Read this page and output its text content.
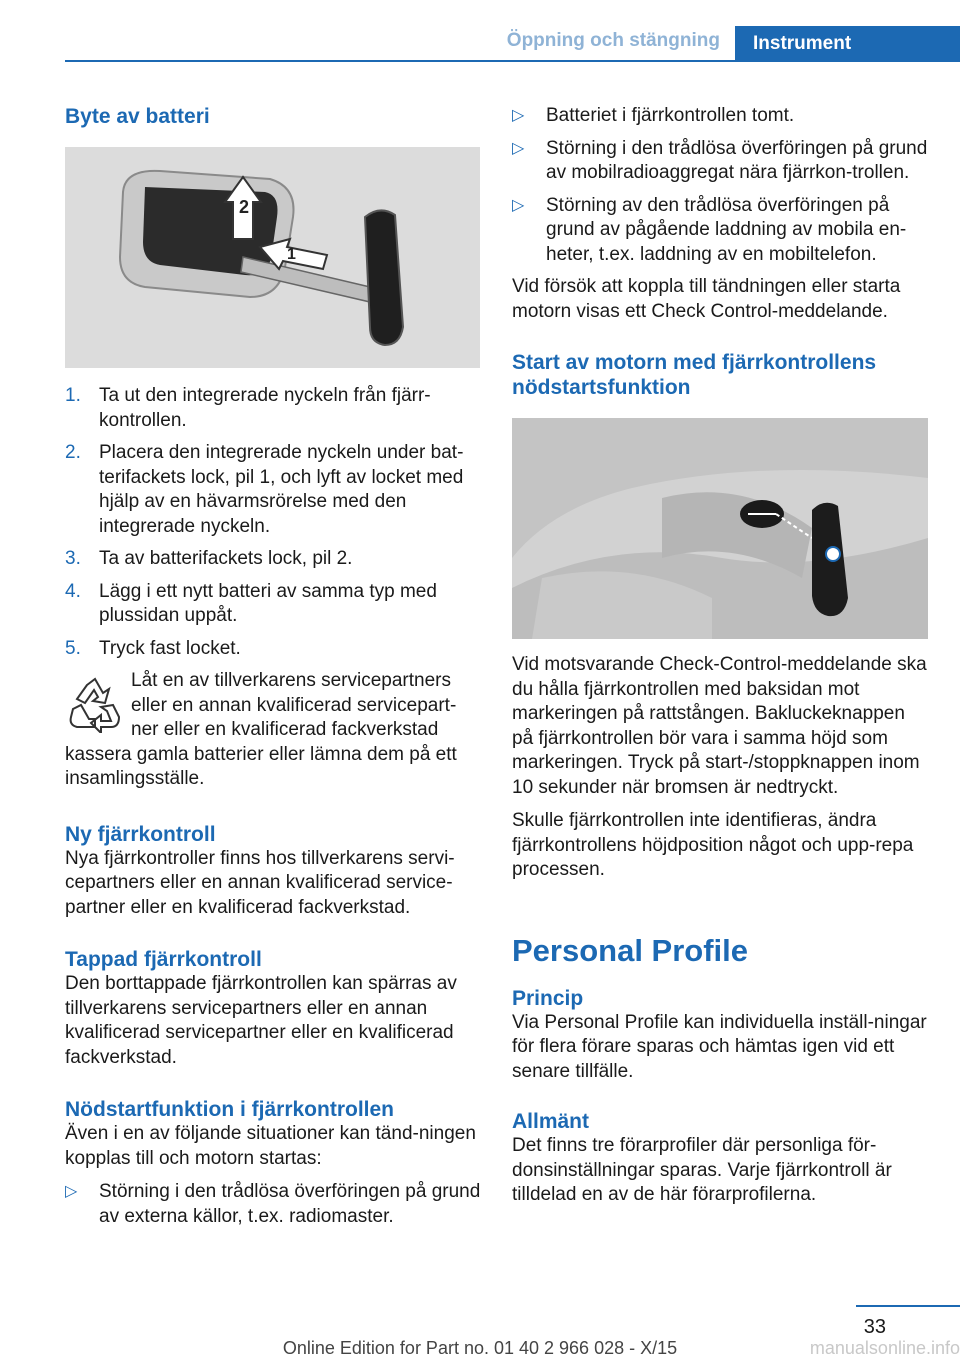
Öppning och stängning Instrument
Byte av batteri
2
1
1. Ta ut den integrerade nyckeln från fjärr-kontrollen.
2. Placera den integrerade nyckeln under bat-terifackets lock, pil 1, och lyft av locket med hjälp av en hävarmsrörelse med den integrerade nyckeln.
3. Ta av batterifackets lock, pil 2.
4. Lägg i ett nytt batteri av samma typ med plussidan uppåt.
5. Tryck fast locket.
Låt en av tillverkarens servicepartners eller en annan kvalificerad servicepart-ner eller en kvalificerad fackverkstad kassera gamla batterier eller lämna dem på ett insamlingsställe.
Ny fjärrkontroll

Nya fjärrkontroller finns hos tillverkarens servi-cepartners eller en annan kvalificerad service-partner eller en kvalificerad fackverkstad.

Tappad fjärrkontroll

Den borttappade fjärrkontrollen kan spärras av tillverkarens servicepartners eller en annan kvalificerad servicepartner eller en kvalificerad fackverkstad.

Nödstartfunktion i fjärrkontrollen

Även i en av följande situationer kan tänd-ningen kopplas till och motorn startas:

▷ Störning i den trådlösa överföringen på grund av externa källor, t.ex. radiomaster.
▷ Batteriet i fjärrkontrollen tomt.
▷ Störning i den trådlösa överföringen på grund av mobilradioaggregat nära fjärrkon-trollen.
▷ Störning av den trådlösa överföringen på grund av pågående laddning av mobila en-heter, t.ex. laddning av en mobiltelefon.

Vid försök att koppla till tändningen eller starta motorn visas ett Check Control-meddelande.

Start av motorn med fjärrkontrollens nödstartsfunktion

Vid motsvarande Check-Control-meddelande ska du hålla fjärrkontrollen med baksidan mot markeringen på rattstången. Bakluckeknappen på fjärrkontrollen bör vara i samma höjd som markeringen. Tryck på start-/stoppknappen inom 10 sekunder när bromsen är nedtryckt.

Skulle fjärrkontrollen inte identifieras, ändra fjärrkontrollens höjdposition något och upp-repa processen.

Personal Profile
Princip

Via Personal Profile kan individuella inställ-ningar för flera förare sparas och hämtas igen vid ett senare tillfälle.

Allmänt

Det finns tre förarprofiler där personliga för-donsinställningar sparas. Varje fjärrkontroll är tilldelad en av de här förarprofilerna.

33
Online Edition for Part no. 01 40 2 966 028 - X/15	manualsonline.info
